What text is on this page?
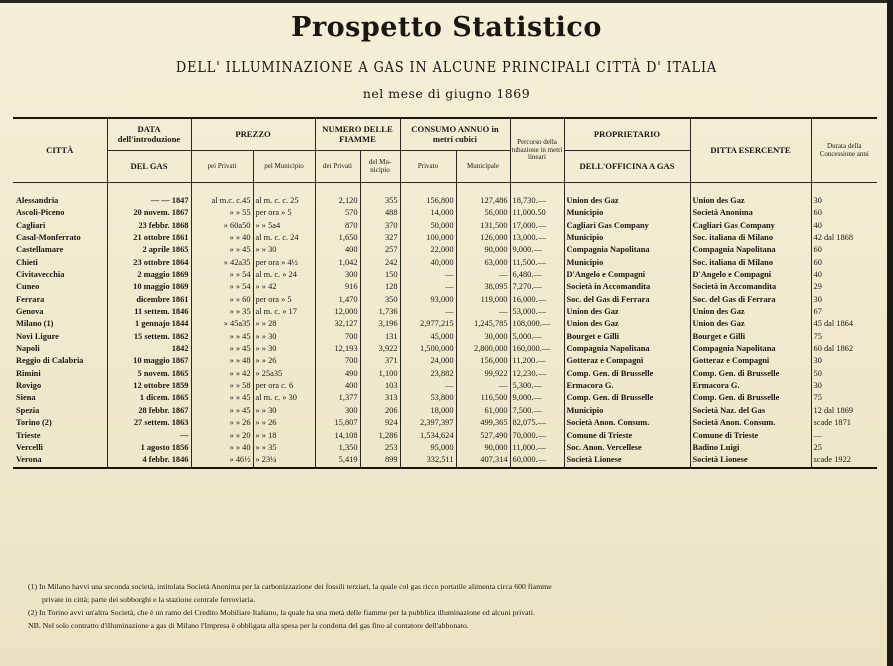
Prospetto Statistico
DELL' ILLUMINAZIONE A GAS IN ALCUNE PRINCIPALI CITTÀ D' ITALIA
nel mese di giugno 1869
CITTÀ	DATA dell'introduzione	PREZZO		NUMERO DELLE FIAMME		CONSUMO ANNUO in metri cubici		Percorso della tubazione in metri lineari	PROPRIETARIO	DITTA ESERCENTE	Durata della Concessione anni
	DEL GAS	pei Privati	pel Municipio	dei Privati	del Mu-nicipio	Privato	Municipale		DELL'OFFICINA A GAS		

Alessandria	— — 1847	al m.c. c.45	al m. c. c. 25	2,120	355	156,800	127,486	18,730.—	Union des Gaz	Union des Gaz	30
Ascoli-Piceno	20 novem. 1867	» » 55	per ora » 5	570	488	14,000	56,000	11,000.50	Municipio	Società Anonima	60
Cagliari	23 febbr. 1868	» 60a50	» » 5a4	870	370	50,000	131,500	17,000.—	Cagliari Gas Company	Cagliari Gas Company	40
Casal-Monferrato	21 ottobre 1861	» » 40	al m. c. c. 24	1,650	327	100,000	126,000	13,000.—	Municipio	Soc. italiana di Milano	42 dal 1868
Castellamare	2 aprile 1865	» » 45	» » 30	400	257	22,000	90,000	9,000.—	Compagnia Napolitana	Compagnia Napolitana	60
Chieti	23 ottobre 1864	» 42a35	per ora » 4½	1,042	242	40,000	63,000	11,500.—	Municipio	Soc. italiana di Milano	60
Civitavecchia	2 maggio 1869	» » 54	al m. c. » 24	300	150	—	—	6,480.—	D'Angelo e Compagni	D'Angelo e Compagni	40
Cuneo	10 maggio 1869	» » 54	» » 42	916	128	—	38,095	7,270.—	Società in Accomandita	Società in Accomandita	29
Ferrara	dicembre 1861	» » 60	per ora » 5	1,470	350	93,000	119,000	16,000.—	Soc. del Gas di Ferrara	Soc. del Gas di Ferrara	30
Genova	11 settem. 1846	» » 35	al m. c. » 17	12,000	1,736	—	—	53,000.—	Union des Gaz	Union des Gaz	67
Milano (1)	1 gennajo 1844	» 45a35	» » 28	32,127	3,196	2,977,215	1,245,785	108,000.—	Union des Gaz	Union des Gaz	45 dal 1864
Novi Ligure	15 settem. 1862	» » 45	» » 30	700	131	45,000	30,000	5,000.—	Bourget e Gilli	Bourget e Gilli	75
Napoli	1842	» » 45	» » 30	12,193	3,922	1,500,000	2,800,000	160,000.—	Compagnia Napolitana	Compagnia Napolitana	60 dal 1862
Reggio di Calabria	10 maggio 1867	» » 48	» » 26	700	371	24,000	156,000	11,200.—	Gotteraz e Compagni	Gotteraz e Compagni	30
Rimini	5 novem. 1865	» » 42	» 25a35	490	1,100	23,882	99,922	12,230.—	Comp. Gen. di Brusselle	Comp. Gen. di Brusselle	50
Rovigo	12 ottobre 1859	» » 58	per ora c. 6	400	103	—	—	5,300.—	Ermacora G.	Ermacora G.	30
Siena	1 dicem. 1865	» » 45	al m. c. » 30	1,377	313	53,800	116,500	9,000.—	Comp. Gen. di Brusselle	Comp. Gen. di Brusselle	75
Spezia	28 febbr. 1867	» » 45	» » 30	300	206	18,000	61,000	7,500.—	Municipio	Società Naz. del Gas	12 dal 1869
Torino (2)	27 settem. 1863	» » 26	» » 26	15,807	924	2,397,397	499,365	82,075.—	Società Anon. Consum.	Società Anon. Consum.	scade 1871
Trieste	—	» » 20	» » 18	14,108	1,286	1,534,624	527,490	70,000.—	Comune di Trieste	Comune di Trieste	—
Vercelli	1 agosto 1856	» » 40	» » 35	1,350	253	95,000	90,000	11,000.—	Soc. Anon. Vercellese	Badino Luigi	25
Verona	4 febbr. 1846	» 46½	» 23¼	5,419	899	332,511	407,314	60,000.—	Società Lionese	Società Lionese	scade 1922

(1) In Milano havvi una seconda società, intitolata Società Anonima per la carbonizzazione dei fossili terziari, la quale col gas ricco portatile alimenta circa 600 fiamme

private in città; parte dei sobborghi e la stazione centrale ferroviaria.

(2) In Torino avvi un'altra Società, che è un ramo del Credito Mobiliare Italiano, la quale ha una metà delle fiamme per la pubblica illuminazione ed alcuni privati.

NB. Nel solo contratto d'illuminazione a gas di Milano l'Impresa è obbligata alla spesa per la condotta del gas fino al contatore dell'abbonato.
